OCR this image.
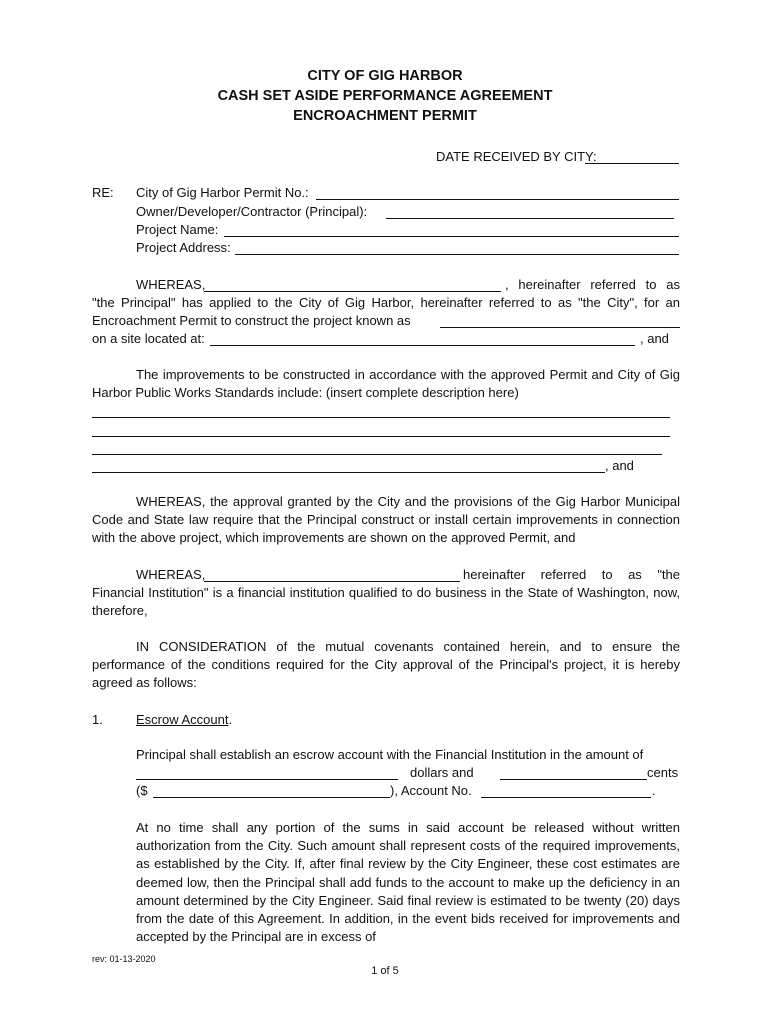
CITY OF GIG HARBOR
CASH SET ASIDE PERFORMANCE AGREEMENT
ENCROACHMENT PERMIT
DATE RECEIVED BY CITY:
RE: City of Gig Harbor Permit No.:
Owner/Developer/Contractor (Principal):
Project Name:
Project Address:
WHEREAS,	, hereinafter referred to as
"the Principal" has applied to the City of Gig Harbor, hereinafter referred to as "the City", for an
Encroachment Permit to construct the project known as
on a site located at:	, and
The improvements to be constructed in accordance with the approved Permit and City of Gig Harbor Public Works Standards include: (insert complete description here)
, and
WHEREAS, the approval granted by the City and the provisions of the Gig Harbor Municipal Code and State law require that the Principal construct or install certain improvements in connection with the above project, which improvements are shown on the approved Permit, and
WHEREAS,	hereinafter referred to as "the
Financial Institution" is a financial institution qualified to do business in the State of Washington, now, therefore,
IN CONSIDERATION of the mutual covenants contained herein, and to ensure the performance of the conditions required for the City approval of the Principal's project, it is hereby agreed as follows:
1.	Escrow Account.
Principal shall establish an escrow account with the Financial Institution in the amount of
dollars and	cents
($	), Account No.	.
At no time shall any portion of the sums in said account be released without written authorization from the City. Such amount shall represent costs of the required improvements, as established by the City. If, after final review by the City Engineer, these cost estimates are deemed low, then the Principal shall add funds to the account to make up the deficiency in an amount determined by the City Engineer. Said final review is estimated to be twenty (20) days from the date of this Agreement. In addition, in the event bids received for improvements and accepted by the Principal are in excess of
rev: 01-13-2020
1 of 5
